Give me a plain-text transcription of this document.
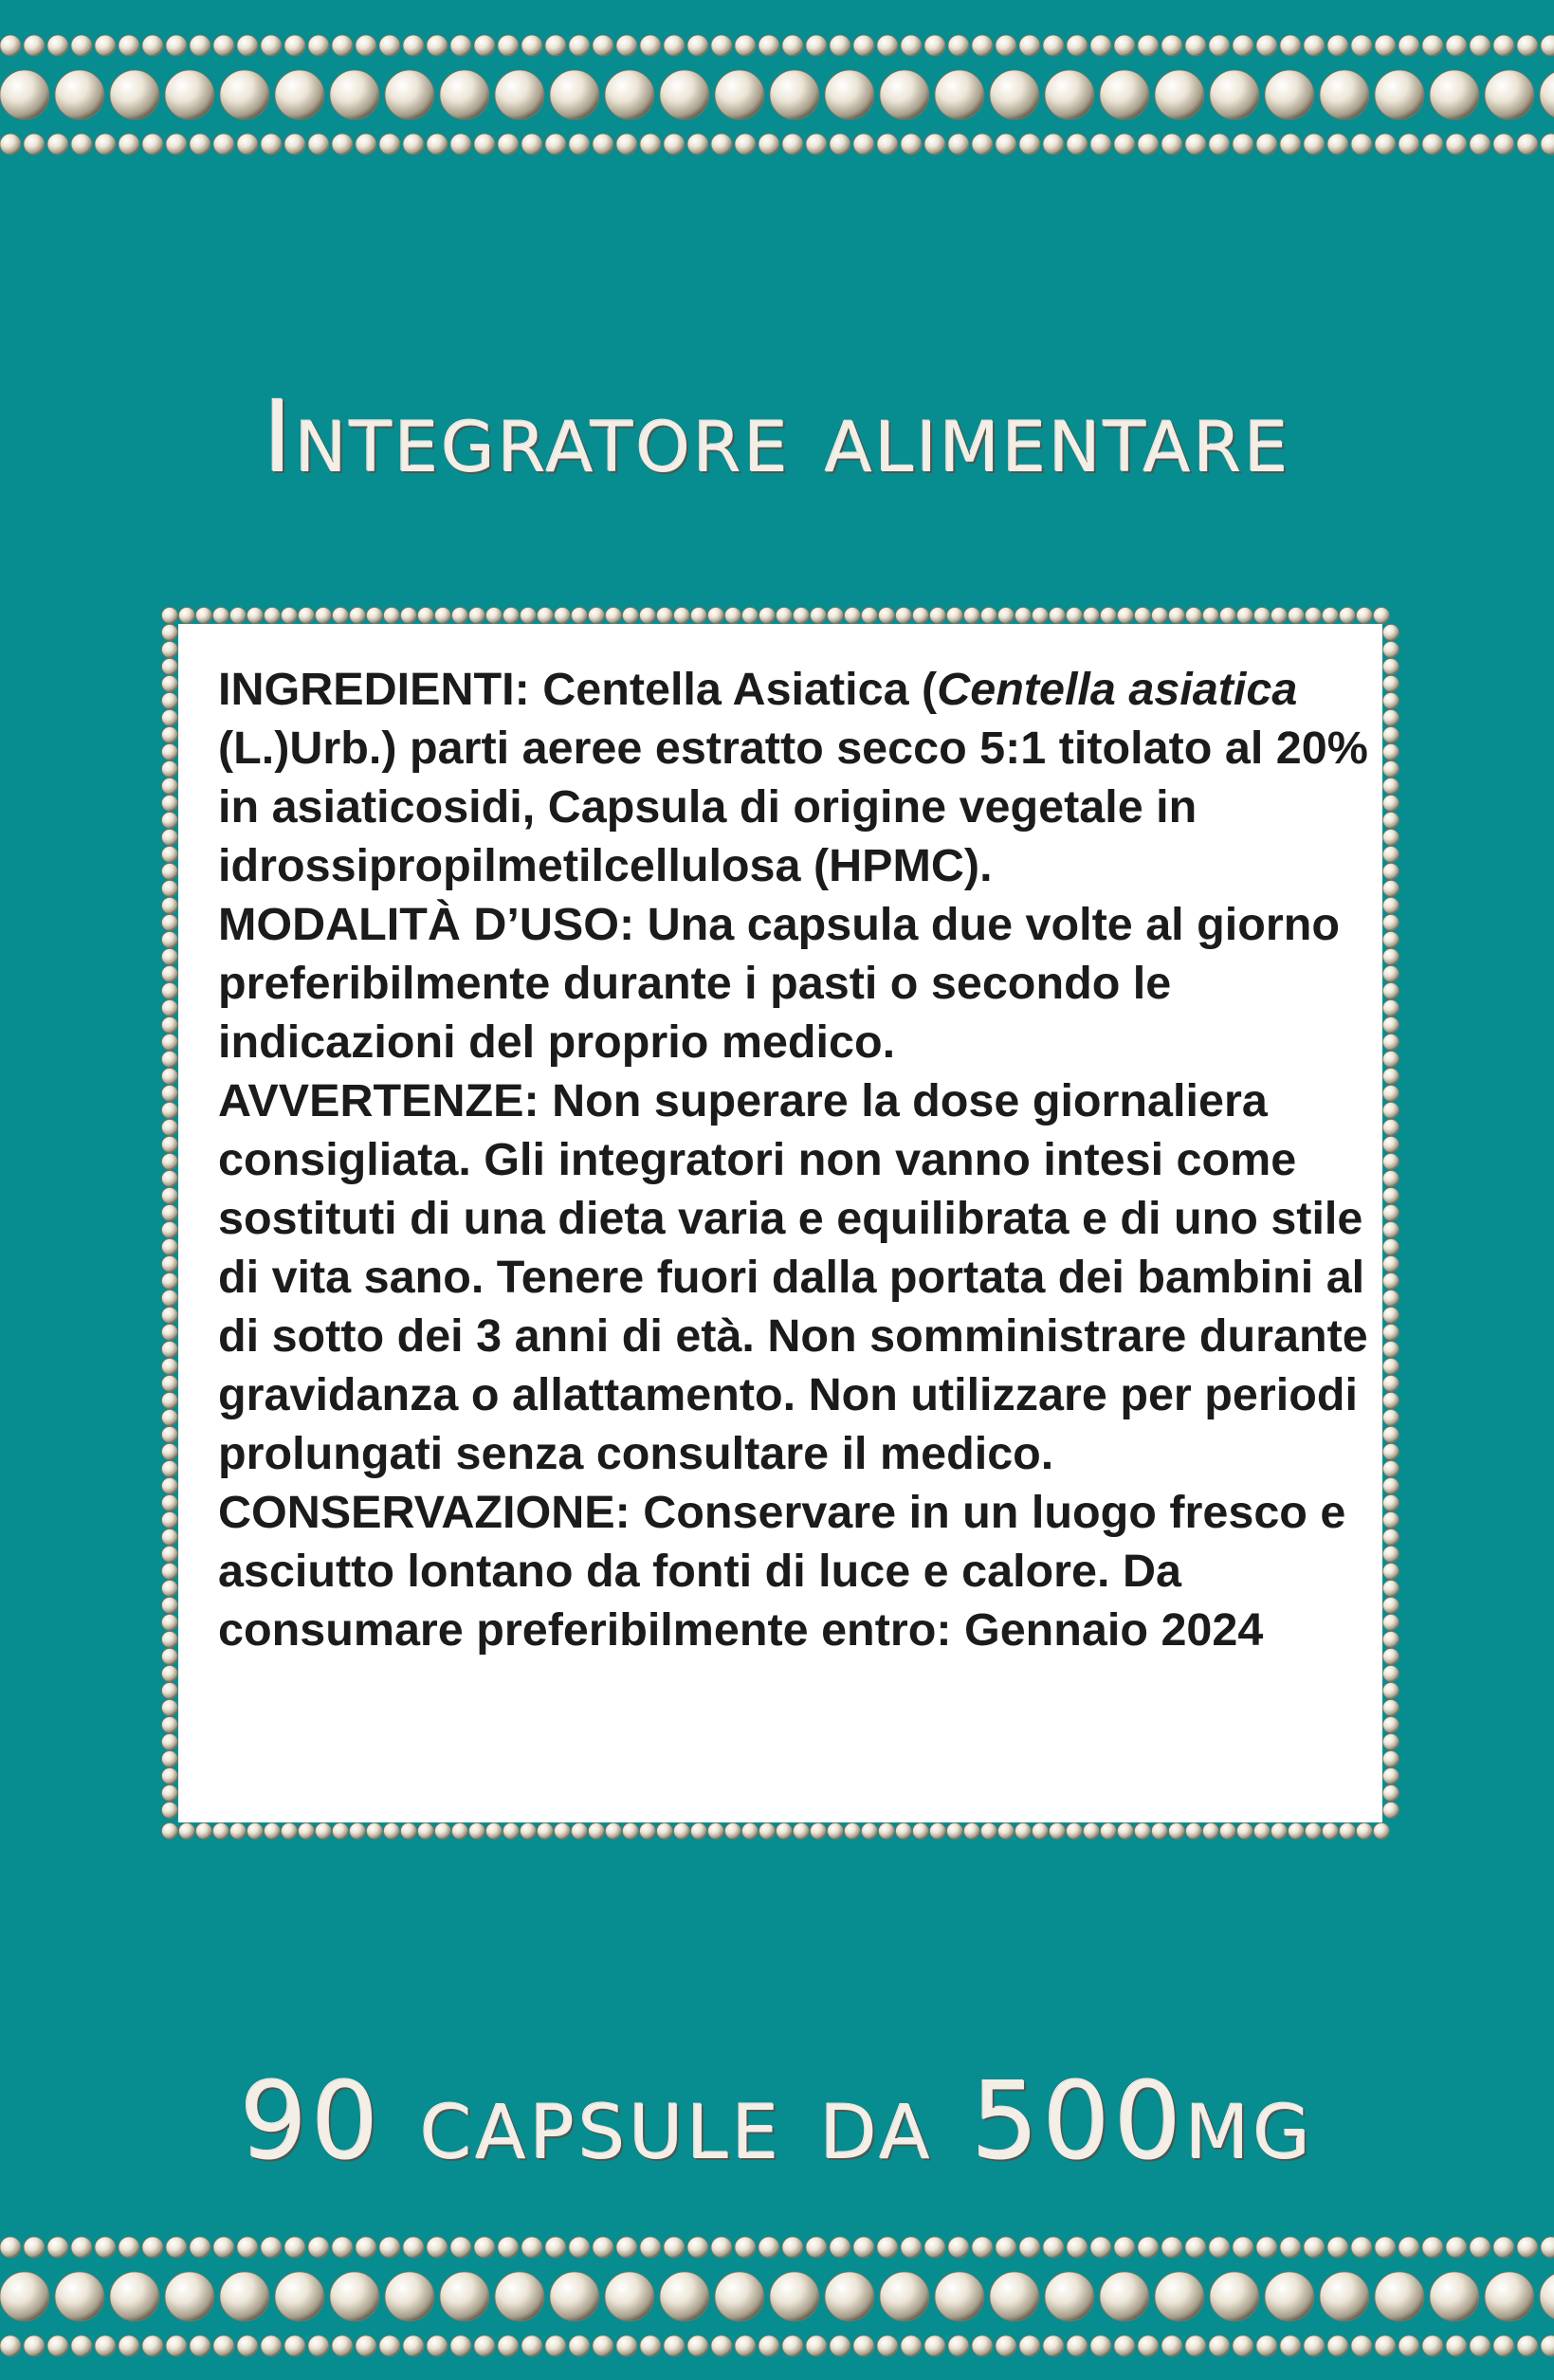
Integratore alimentare

INGREDIENTI: Centella Asiatica (Centella asiatica (L.)Urb.) parti aeree estratto secco 5:1 titolato al 20% in asiaticosidi, Capsula di origine vegetale in idrossipropilmetilcellulosa (HPMC).

MODALITÀ D’USO: Una capsula due volte al giorno preferibilmente durante i pasti o secondo le indicazioni del proprio medico.

AVVERTENZE: Non superare la dose giornaliera consigliata. Gli integratori non vanno intesi come sostituti di una dieta varia e equilibrata e di uno stile di vita sano. Tenere fuori dalla portata dei bambini al di sotto dei 3 anni di età. Non somministrare durante gravidanza o allattamento. Non utilizzare per periodi prolungati senza consultare il medico.

CONSERVAZIONE: Conservare in un luogo fresco e asciutto lontano da fonti di luce e calore. Da consumare preferibilmente entro: Gennaio 2024

90 capsule da 500mg
